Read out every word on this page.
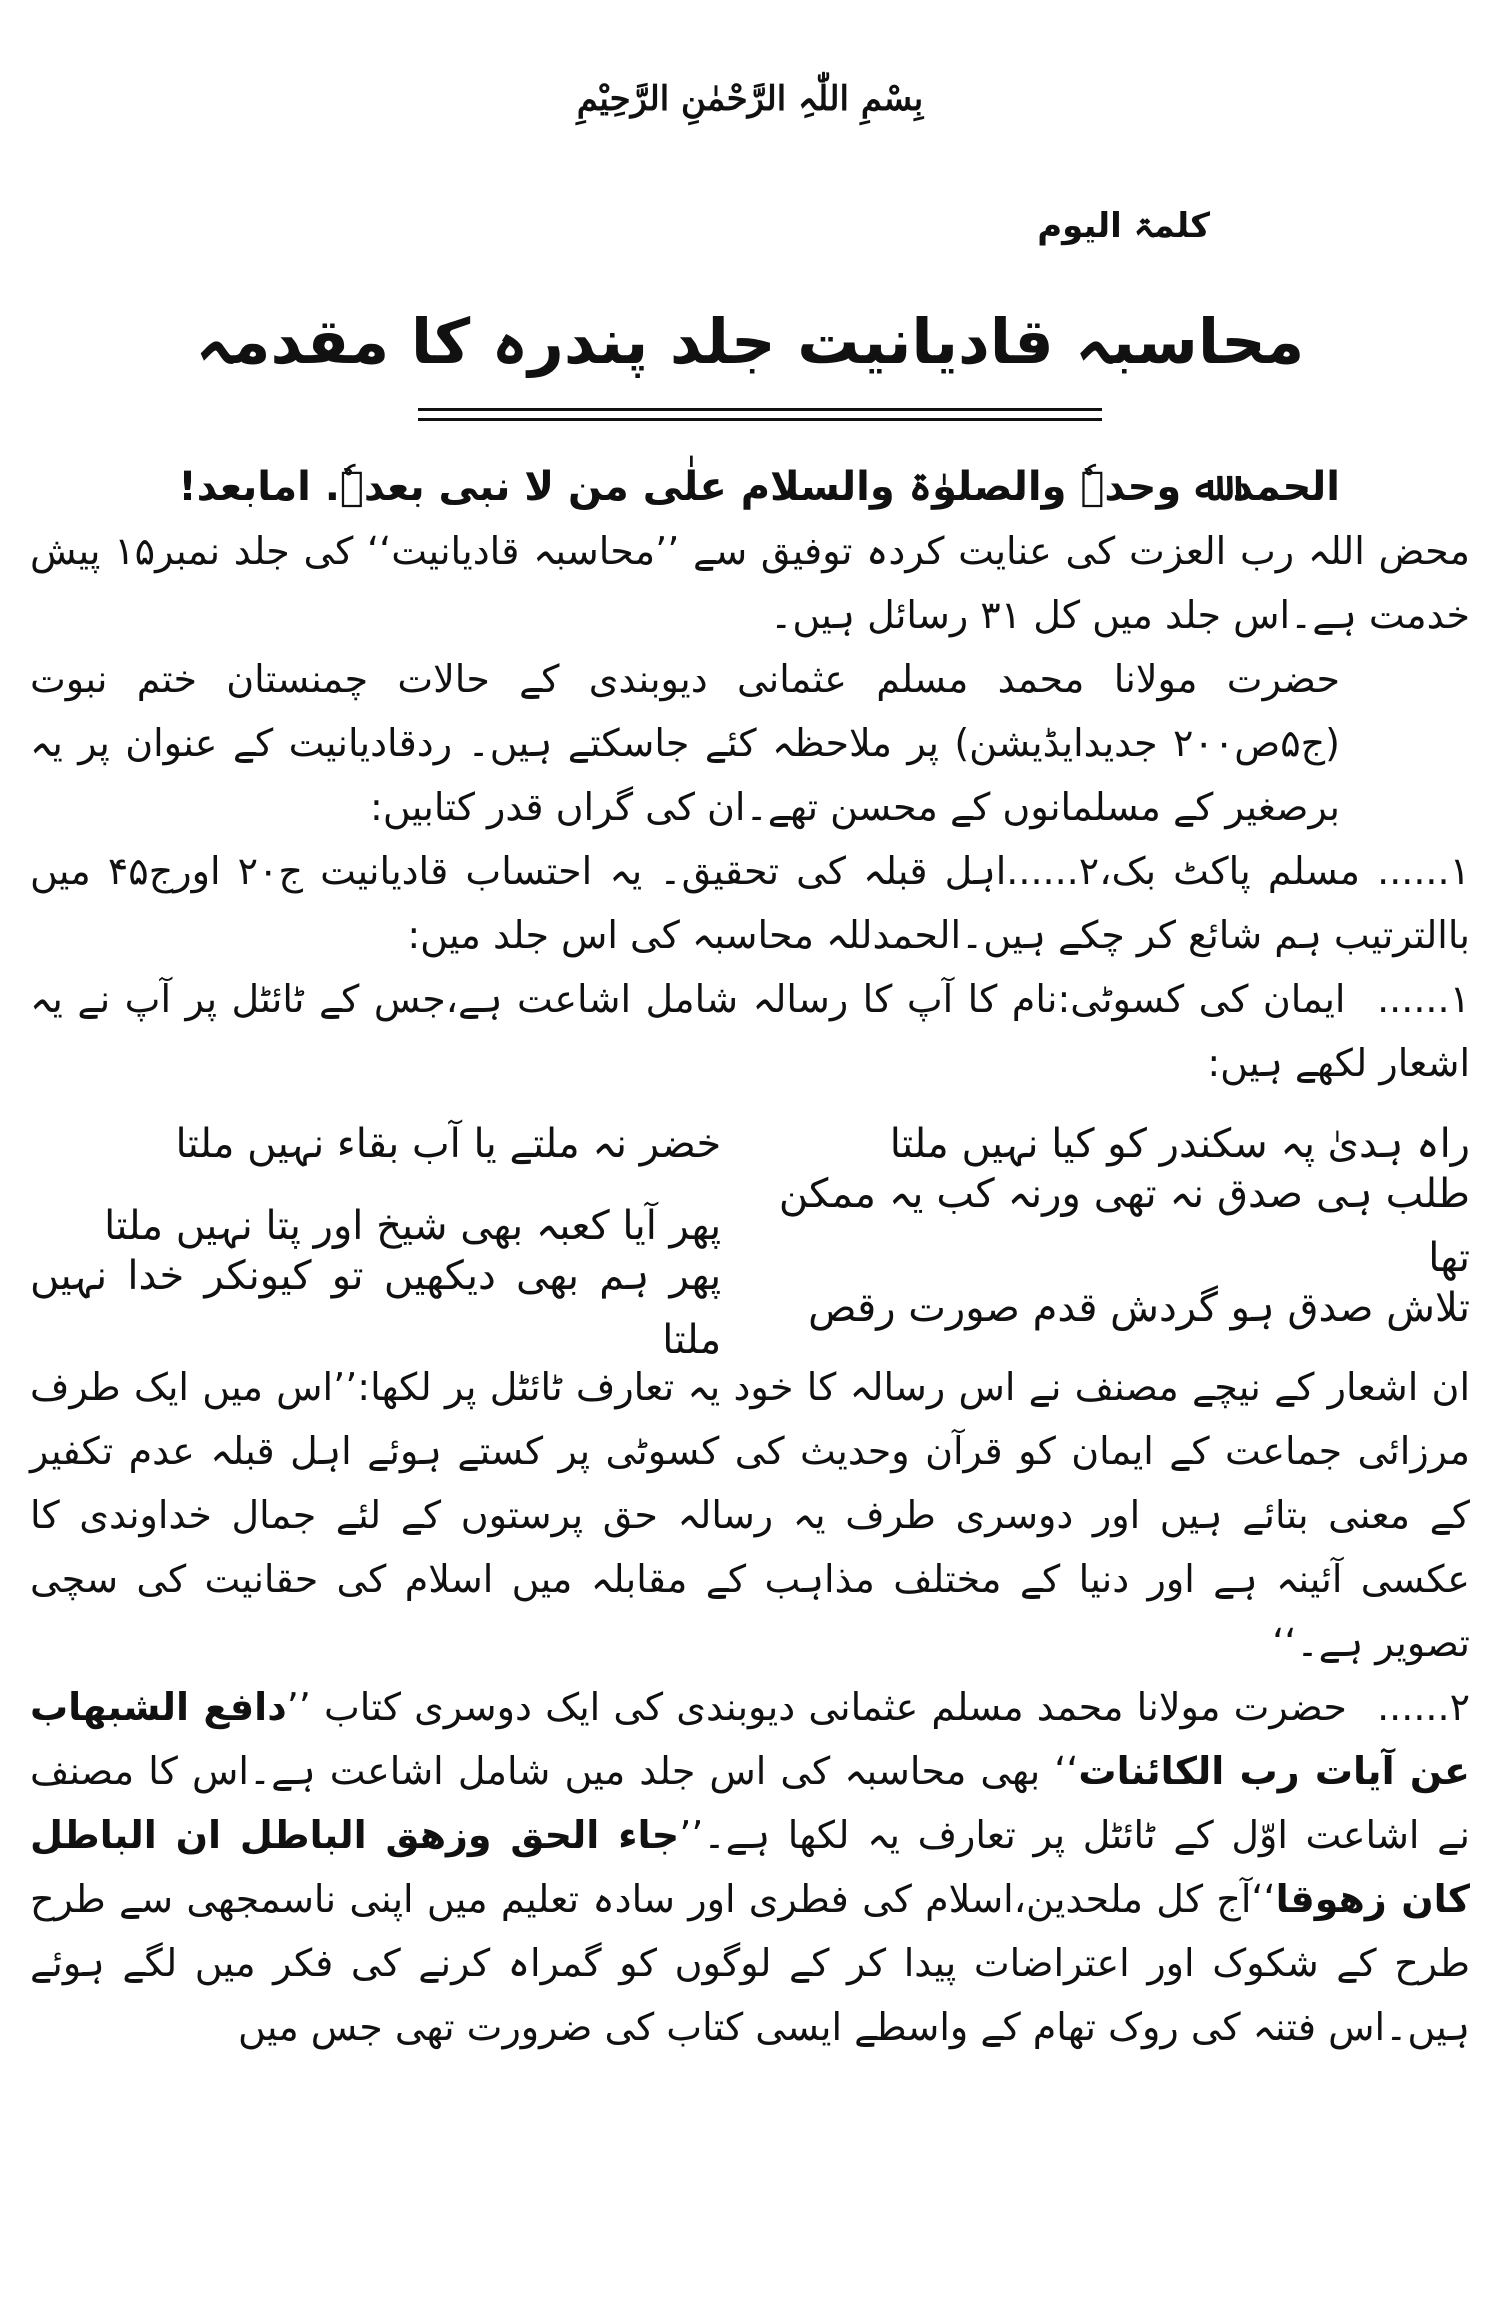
بِسْمِ اللّٰہِ الرَّحْمٰنِ الرَّحِیْمِ
کلمۃ الیوم
محاسبہ قادیانیت جلد پندرہ کا مقدمہ

الحمد ﷲ وحدہٗ والصلوٰۃ والسلام علٰی من لا نبی بعدہٗ. امابعد!

محض اللہ رب العزت کی عنایت کردہ توفیق سے ’’محاسبہ قادیانیت‘‘ کی جلد نمبر۱۵ پیش خدمت ہے۔اس جلد میں کل ۳۱ رسائل ہیں۔

حضرت مولانا محمد مسلم عثمانی دیوبندی کے حالات چمنستان ختم نبوت (ج۵ص۲۰۰ جدیدایڈیشن) پر ملاحظہ کئے جاسکتے ہیں۔ ردقادیانیت کے عنوان پر یہ برصغیر کے مسلمانوں کے محسن تھے۔ان کی گراں قدر کتابیں:

۱...... مسلم پاکٹ بک،۲......اہل قبلہ کی تحقیق۔ یہ احتساب قادیانیت ج۲۰ اورج۴۵ میں باالترتیب ہم شائع کر چکے ہیں۔الحمدللہ محاسبہ کی اس جلد میں:

۱...... ایمان کی کسوٹی:نام کا آپ کا رسالہ شامل اشاعت ہے،جس کے ٹائٹل پر آپ نے یہ اشعار لکھے ہیں:

راہ ہدیٰ پہ سکندر کو کیا نہیں ملتا
خضر نہ ملتے یا آب بقاء نہیں ملتا
طلب ہی صدق نہ تھی ورنہ کب یہ ممکن تھا
پھر آیا کعبہ بھی شیخ اور پتا نہیں ملتا
تلاش صدق ہو گردش قدم صورت رقص
پھر ہم بھی دیکھیں تو کیونکر خدا نہیں ملتا

ان اشعار کے نیچے مصنف نے اس رسالہ کا خود یہ تعارف ٹائٹل پر لکھا:’’اس میں ایک طرف مرزائی جماعت کے ایمان کو قرآن وحدیث کی کسوٹی پر کستے ہوئے اہل قبلہ عدم تکفیر کے معنی بتائے ہیں اور دوسری طرف یہ رسالہ حق پرستوں کے لئے جمال خداوندی کا عکسی آئینہ ہے اور دنیا کے مختلف مذاہب کے مقابلہ میں اسلام کی حقانیت کی سچی تصویر ہے۔‘‘

۲...... حضرت مولانا محمد مسلم عثمانی دیوبندی کی ایک دوسری کتاب ’’دافع الشبهاب عن آیات رب الکائنات‘‘ بھی محاسبہ کی اس جلد میں شامل اشاعت ہے۔اس کا مصنف نے اشاعت اوّل کے ٹائٹل پر تعارف یہ لکھا ہے۔’’جاء الحق وزهق الباطل ان الباطل کان زهوقا‘‘آج کل ملحدین،اسلام کی فطری اور سادہ تعلیم میں اپنی ناسمجھی سے طرح طرح کے شکوک اور اعتراضات پیدا کر کے لوگوں کو گمراہ کرنے کی فکر میں لگے ہوئے ہیں۔اس فتنہ کی روک تھام کے واسطے ایسی کتاب کی ضرورت تھی جس میں
